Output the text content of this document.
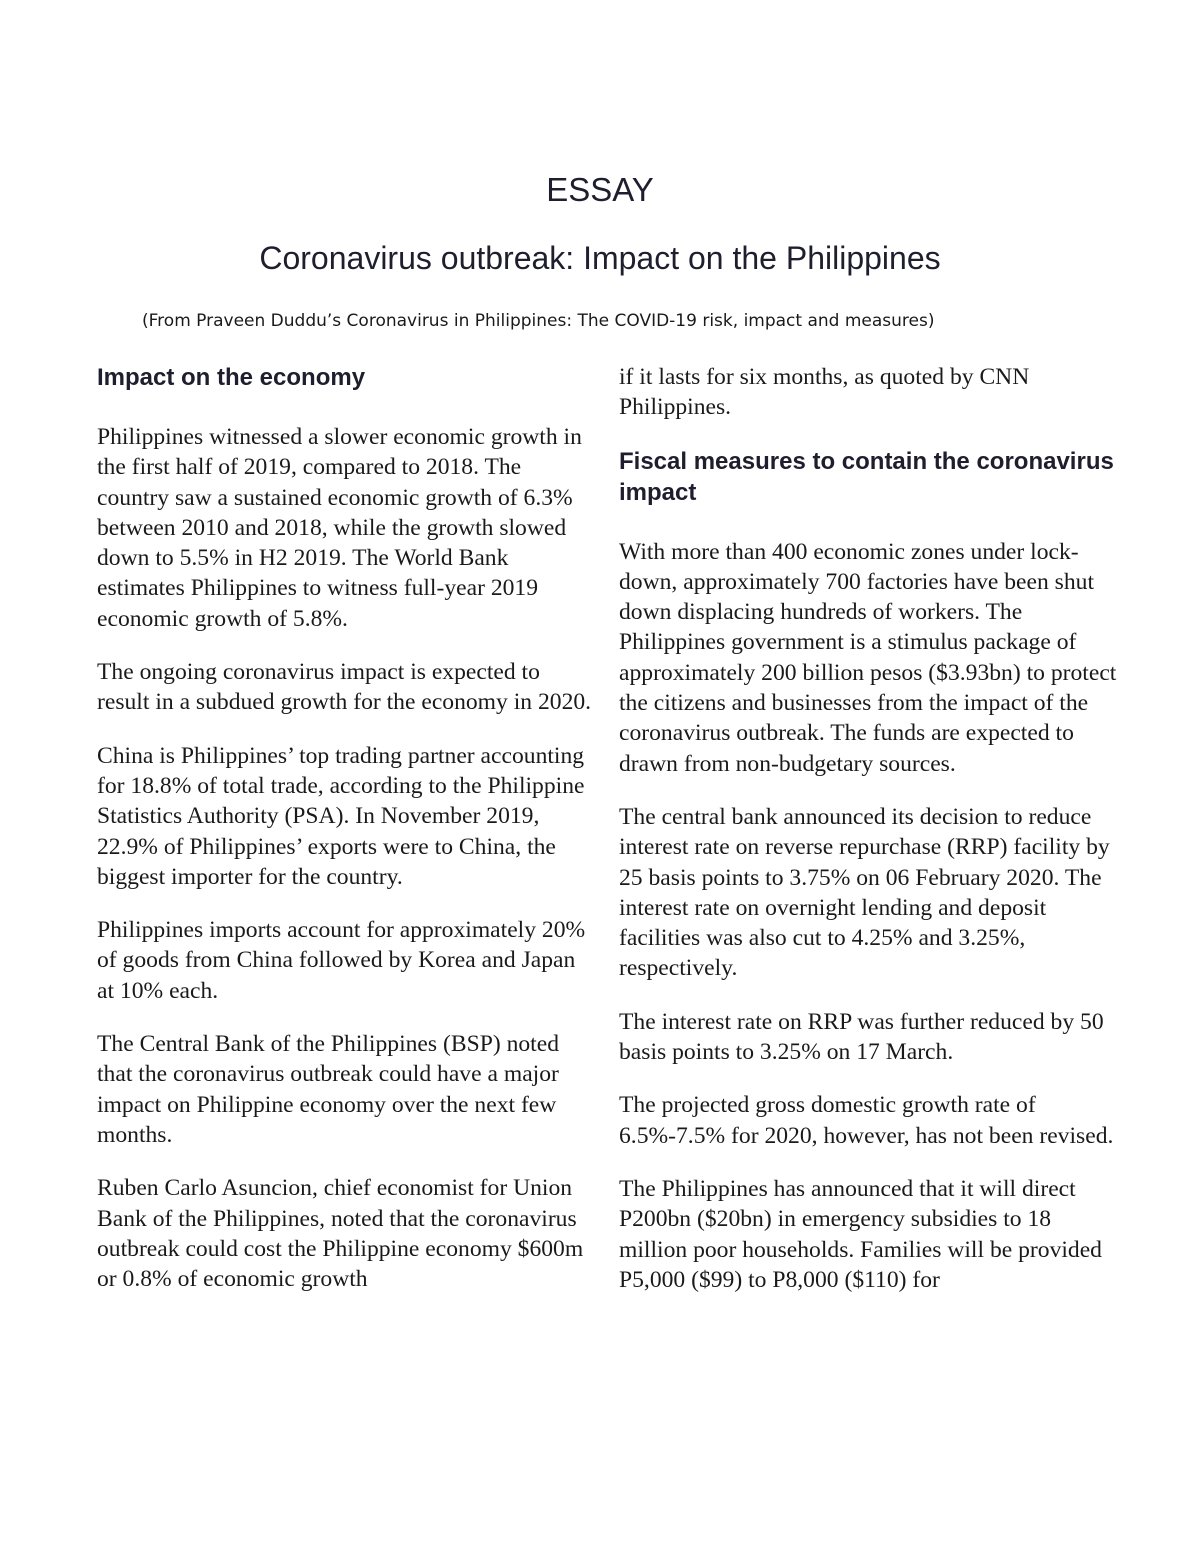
ESSAY
Coronavirus outbreak: Impact on the Philippines
(From Praveen Duddu’s Coronavirus in Philippines: The COVID-19 risk, impact and measures)
Impact on the economy

Philippines witnessed a slower economic growth in the first half of 2019, compared to 2018. The country saw a sustained economic growth of 6.3% between 2010 and 2018, while the growth slowed down to 5.5% in H2 2019. The World Bank estimates Philippines to witness full-year 2019 economic growth of 5.8%.

The ongoing coronavirus impact is expected to result in a subdued growth for the economy in 2020.

China is Philippines’ top trading partner accounting for 18.8% of total trade, according to the Philippine Statistics Authority (PSA). In November 2019, 22.9% of Philippines’ exports were to China, the biggest importer for the country.

Philippines imports account for approximately 20% of goods from China followed by Korea and Japan at 10% each.

The Central Bank of the Philippines (BSP) noted that the coronavirus outbreak could have a major impact on Philippine economy over the next few months.

Ruben Carlo Asuncion, chief economist for Union Bank of the Philippines, noted that the coronavirus outbreak could cost the Philippine economy $600m or 0.8% of economic growth

if it lasts for six months, as quoted by CNN Philippines.

Fiscal measures to contain the coronavirus impact

With more than 400 economic zones under lock-down, approximately 700 factories have been shut down displacing hundreds of workers. The Philippines government is a stimulus package of approximately 200 billion pesos ($3.93bn) to protect the citizens and businesses from the impact of the coronavirus outbreak. The funds are expected to drawn from non-budgetary sources.

The central bank announced its decision to reduce interest rate on reverse repurchase (RRP) facility by 25 basis points to 3.75% on 06 February 2020. The interest rate on overnight lending and deposit facilities was also cut to 4.25% and 3.25%, respectively.

The interest rate on RRP was further reduced by 50 basis points to 3.25% on 17 March.

The projected gross domestic growth rate of 6.5%-7.5% for 2020, however, has not been revised.

The Philippines has announced that it will direct P200bn ($20bn) in emergency subsidies to 18 million poor households. Families will be provided P5,000 ($99) to P8,000 ($110) for
